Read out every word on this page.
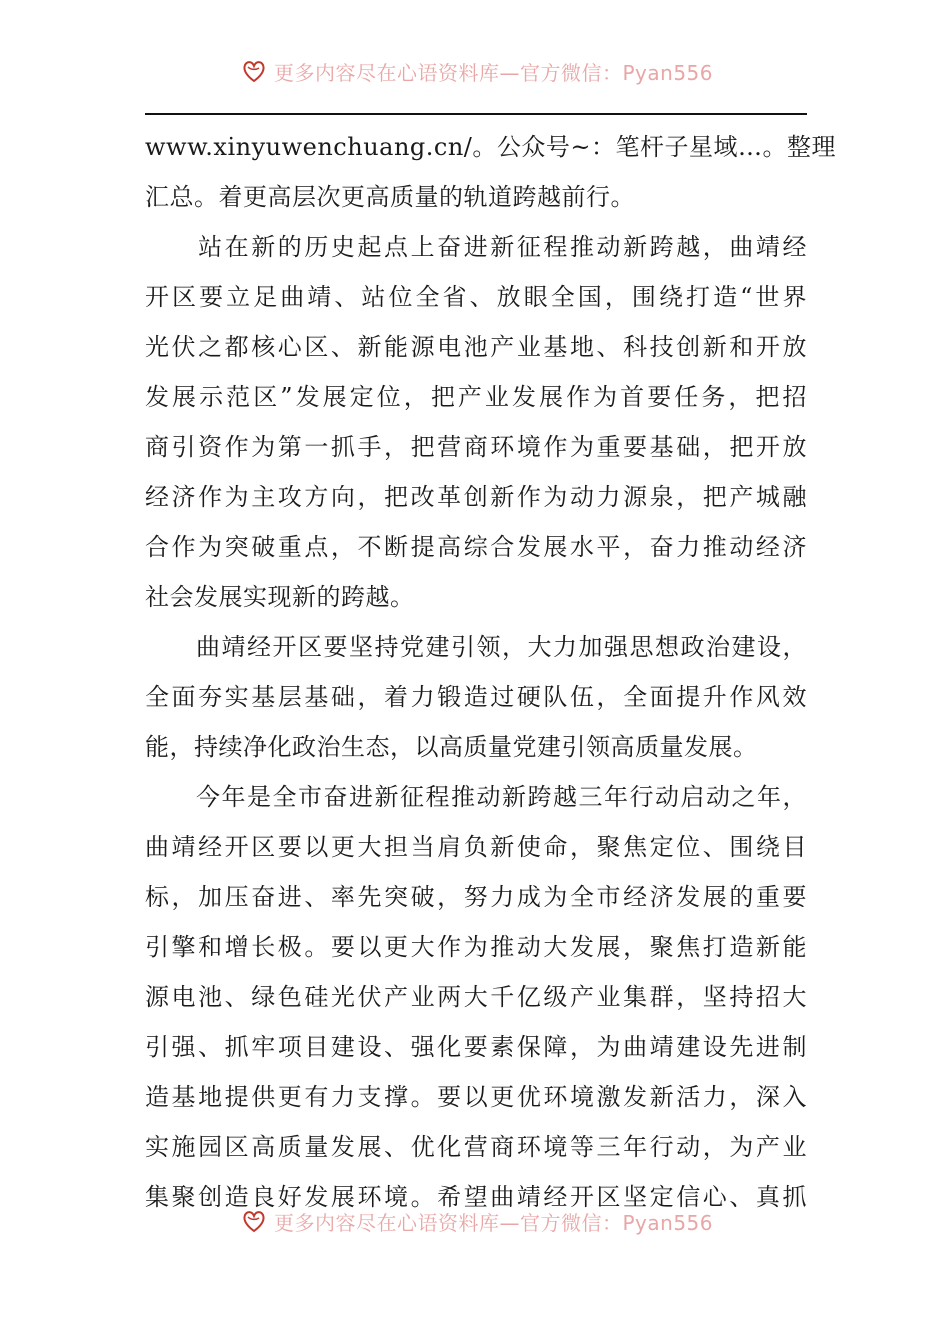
更多内容尽在心语资料库—官方微信：Pyan556
www.xinyuwenchuang.cn/。公众号~：笔杆子星域…。整理
汇总。着更高层次更高质量的轨道跨越前行。
　　站在新的历史起点上奋进新征程推动新跨越，曲靖经
开区要立足曲靖、站位全省、放眼全国，围绕打造“世界
光伏之都核心区、新能源电池产业基地、科技创新和开放
发展示范区”发展定位，把产业发展作为首要任务，把招
商引资作为第一抓手，把营商环境作为重要基础，把开放
经济作为主攻方向，把改革创新作为动力源泉，把产城融
合作为突破重点，不断提高综合发展水平，奋力推动经济
社会发展实现新的跨越。
　　曲靖经开区要坚持党建引领，大力加强思想政治建设，
全面夯实基层基础，着力锻造过硬队伍，全面提升作风效
能，持续净化政治生态，以高质量党建引领高质量发展。
　　今年是全市奋进新征程推动新跨越三年行动启动之年，
曲靖经开区要以更大担当肩负新使命，聚焦定位、围绕目
标，加压奋进、率先突破，努力成为全市经济发展的重要
引擎和增长极。要以更大作为推动大发展，聚焦打造新能
源电池、绿色硅光伏产业两大千亿级产业集群，坚持招大
引强、抓牢项目建设、强化要素保障，为曲靖建设先进制
造基地提供更有力支撑。要以更优环境激发新活力，深入
实施园区高质量发展、优化营商环境等三年行动，为产业
集聚创造良好发展环境。希望曲靖经开区坚定信心、真抓
更多内容尽在心语资料库—官方微信：Pyan556
